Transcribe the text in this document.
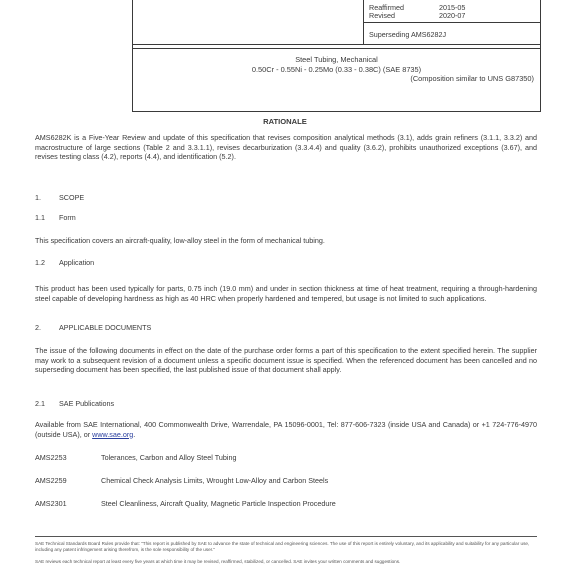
Reaffirmed	2015-05
Revised	2020-07
Superseding AMS6282J
Steel Tubing, Mechanical
0.50Cr - 0.55Ni - 0.25Mo (0.33 - 0.38C) (SAE 8735)
(Composition similar to UNS G87350)
RATIONALE
AMS6282K is a Five-Year Review and update of this specification that revises composition analytical methods (3.1), adds grain refiners (3.1.1, 3.3.2) and macrostructure of large sections (Table 2 and 3.3.1.1), revises decarburization (3.3.4.4) and quality (3.6.2), prohibits unauthorized exceptions (3.67), and revises testing class (4.2), reports (4.4), and identification (5.2).
1.	SCOPE
1.1 Form
This specification covers an aircraft-quality, low-alloy steel in the form of mechanical tubing.
1.2 Application
This product has been used typically for parts, 0.75 inch (19.0 mm) and under in section thickness at time of heat treatment, requiring a through-hardening steel capable of developing hardness as high as 40 HRC when properly hardened and tempered, but usage is not limited to such applications.
2.	APPLICABLE DOCUMENTS
The issue of the following documents in effect on the date of the purchase order forms a part of this specification to the extent specified herein. The supplier may work to a subsequent revision of a document unless a specific document issue is specified. When the referenced document has been cancelled and no superseding document has been specified, the last published issue of that document shall apply.
2.1 SAE Publications
Available from SAE International, 400 Commonwealth Drive, Warrendale, PA 15096-0001, Tel: 877-606-7323 (inside USA and Canada) or +1 724-776-4970 (outside USA), or www.sae.org.
AMS2253	Tolerances, Carbon and Alloy Steel Tubing
AMS2259	Chemical Check Analysis Limits, Wrought Low-Alloy and Carbon Steels
AMS2301	Steel Cleanliness, Aircraft Quality, Magnetic Particle Inspection Procedure
SAE Technical Standards Board Rules provide that: "This report is published by SAE to advance the state of technical and engineering sciences. The use of this report is entirely voluntary, and its applicability and suitability for any particular use, including any patent infringement arising therefrom, is the sole responsibility of the user."
SAE reviews each technical report at least every five years at which time it may be revised, reaffirmed, stabilized, or cancelled. SAE invites your written comments and suggestions.
